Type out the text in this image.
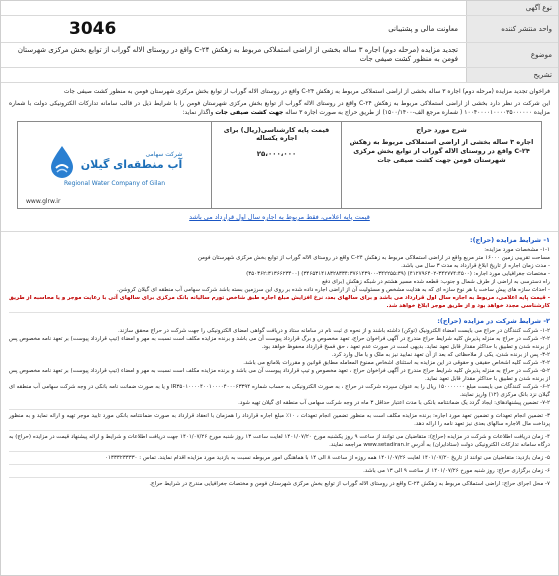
نوع آگهی
واحد منتشر کننده
معاونت مالی و پشتیبانی
3046
موضوع
تجدید مزایده (مرحله دوم) اجاره ۳ ساله بخشی از اراضی استملاکی مربوط به زهکش ۲۴-C واقع در روستای الاله گوراب از توابع بخش مرکزی شهرستان فومن به منظور کشت صیفی جات
تشریح

فراخوان تجدید مزایده (مرحله دوم) اجاره ۳ ساله بخشی از اراضی استملاکی مربوط به زهکش ۲۴-C واقع در روستای الاله گوراب از توابع بخش مرکزی شهرستان فومن به منظور کشت صیفی جات

این شرکت در نظر دارد بخشی از اراضی استملاکی مربوط به زهکش ۲۴-C واقع در روستای الاله گوراب از توابع بخش مرکزی شهرستان فومن را با شرایط ذیل در قالب سامانه تدارکات الکترونیکی دولت با شماره مزایده ۱۰۰۴۰۰۰۰۱۰۰۰۰۳۵۰۰۰۰۰۰ ( شماره مرجع الف-۱۵۰۰/۱۴۰۰) از طریق حراج به صورت اجاره ۳ ساله جهت کشت صیفی جات واگذار نماید:

شرح مورد حراج
اجاره ۳ ساله بخشی از اراضی استملاکی مربوط به زهکش ۲۴-C واقع در روستای الاله گوراب از توابع بخش مرکزی شهرستان فومن جهت کشت صیفی جات
قیمت پایه کارشناسی(ریال) برای اجاره یکساله
۲۵،۰۰۰،۰۰۰
شرکت سهامی
آب منطقه‌ای گیلان
Regional Water Company of Gilan
www.glrw.ir
قیمت پایه اعلامی، فقط مربوط به اجاره سال اول قرارداد می باشد
۱- شرایط مزایده (حراج):
۱-۱- مشخصات مورد مزایده:
مساحت تقریبی زمین ۱۶۰۰۰ متر مربع واقع در اراضی استملاکی مربوط به زهکش ۲۴-C واقع در روستای الاله گوراب از توابع بخش مرکزی شهرستان فومن
- مدت زمان اجاره از تاریخ ابلاغ قرارداد به مدت ۳ سال می باشد.
- مختصات جغرافیایی مورد اجاره: (۳۴۲۷۷۴:۴۵۰۰-۴۱۲۷۹۶۴۰۲) (۳۴۲۲۵۵:۳۹-۳۴۶۵۳۱۴۱۸۳۲۸۳۳۴:۳۷۶۱۴۳۹۰۰) (۳۵۰۳۶۲:۳۱۳۶۶۲۳۴۰۰)
راه دسترسی به اراضی از طرف شمال و جنوب: قطعه شده مسیر هشتم در شبکه زهکش (برای دفع
- احداث سازه های پیش ساخت یا هر نوع سازه ای که به هدایت مشخص و مسئولیت آن از اراضی اجاره داده شده بر روی این سرزمین بسته باشد شرکت سهامی آب منطقه ای گیلان کروشن.
- قیمت پایه اعلامی، مربوط به اجاره سال اول قرارداد می باشد و برای سالهای بعد، نرخ افزایش مبلغ اجاره طبق شاخص تورم سالیانه بانک مرکزی برای سالهای آتی با رعایت موجر و یا محاسبه از طریق کارشناسی مجدد خواهد بود و از طریق موجر ابلاغ خواهد شد.
۲- شرایط شرکت در مزایده (حراج):
۱-۲- شرکت کنندگان در حراج می بایست امضاء الکترونیک (توکن) داشته باشند و از نحوه ی ثبت نام در سامانه ستاد و دریافت گواهی امضای الکترونیکی را جهت شرکت در حراج محقق سازند.
۲-۲- شرکت در حراج به منزله پذیرش کلیه شرایط حراج مندرج در آگهی فراخوان حراج، تعهد مخصوص و برگ قرارداد پیوست آن می باشد و برنده مزایده مکلف است نسبت به مهر و امضاء (تیپ قرارداد پیوست) بر تعهد نامه مخصوص پس از برنده شدن و تطبیق با حداکثر مقدار قابل تعهد نماید. بدیهی است در صورت عدم تعهد ، حق فسخ قرارداد محفوظ خواهد بود.
۳-۲- پس از برنده شدن، یکی از ملاحظاتی که بعد از آن تعهد نمایید نیز به ملک و یا مال وارد کرد.
۴-۲- شرکت کلیه اشخاص حقیقی و حقوقی در این مزایده به استثنای اشخاص ممنوع المعامله مطابق قوانین و مقررات بلامانع می باشد.
۵-۲- شرکت در حراج به منزله پذیرش کلیه شرایط حراج مندرج در آگهی فراخوان حراج ، تعهد مخصوص و تیپ قرارداد پیوست آن می باشد و برنده مزایده مکلف است نسبت به مهر و امضاء (تیپ قرارداد پیوست) بر تعهد نامه مخصوص پس از برنده شدن و تطبیق با حداکثر مقدار قابل تعهد نماید.
۶-۲- شرکت کنندگان می بایست مبلغ ۱۵۰۰۰۰۰۰۰ ریال را به عنوان سپرده شرکت در حراج ، به صورت الکترونیکی به حساب شماره IR۳۵۰۱۰۰۰۰۴۰۰۱۰۰۰۰۴۰۰۰۶۳۳۹۴ و یا به صورت ضمانت نامه بانکی در وجه شرکت سهامی آب منطقه ای گیلان نزد بانک مرکزی (۱۲) واریز نمایند.
۷-۲- تضمین پیشنهادهای: ایجاد گردد یک ضمانتنامه بانکی با مدت اعتبار حداقل ۳ ماه در وجه شرکت سهامی آب منطقه ای گیلان تهیه شود.
۳- تضمین انجام تعهدات و تضمین تعهد مورد اجاره: برنده مزایده مکلف است به منظور تضمین انجام تعهدات ، ۱۰٪ مبلغ اجاره قرارداد را همزمان با انعقاد قرارداد به صورت ضمانتنامه بانکی مورد تایید موجر تهیه و ارائه نماید و به منظور پرداخت مال الاجاره سالهای بعدی نیز تعهد نامه را ارائه دهد.
۴- زمان دریافت اطلاعات و شرکت در مزایده (حراج): متقاضیان می توانند از ساعت ۹ روز یکشنبه مورخ ۱۴۰۱/۰۷/۲۰ لغایت ساعت ۱۳ روز شنبه مورخ ۱۴۰۱/۰۷/۲۶ جهت دریافت اطلاعات و شرایط و ارائه پیشنهاد قیمت در مزایده (حراج) به درگاه سامانه تدارکات الکترونیکی دولت (ستادایران) به آدرس www.setadiran.ir مراجعه نمایند.
۵- زمان بازدید: متقاضیان می توانند از تاریخ ۱۴۰۱/۰۷/۲۰ لغایت ۱۴۰۱/۰۷/۲۶ همه روزه از ساعت ۸ الی ۱۴ با هماهنگی امور مربوطه نسبت به بازدید مورد مزایده اقدام نمایند. تماس : ۰۱۳۳۳۲۳۳۳۳۰
۶- زمان برگزاری حراج: روز شنبه مورخ ۱۴۰۱/۰۷/۲۶ از ساعت ۹ الی ۱۳ می باشد.
۷- محل اجرای حراج: اراضی استملاکی مربوط به زهکش ۲۴-C واقع در روستای الاله گوراب از توابع بخش مرکزی شهرستان فومن و مختصات جغرافیایی مندرج در شرایط حراج.
